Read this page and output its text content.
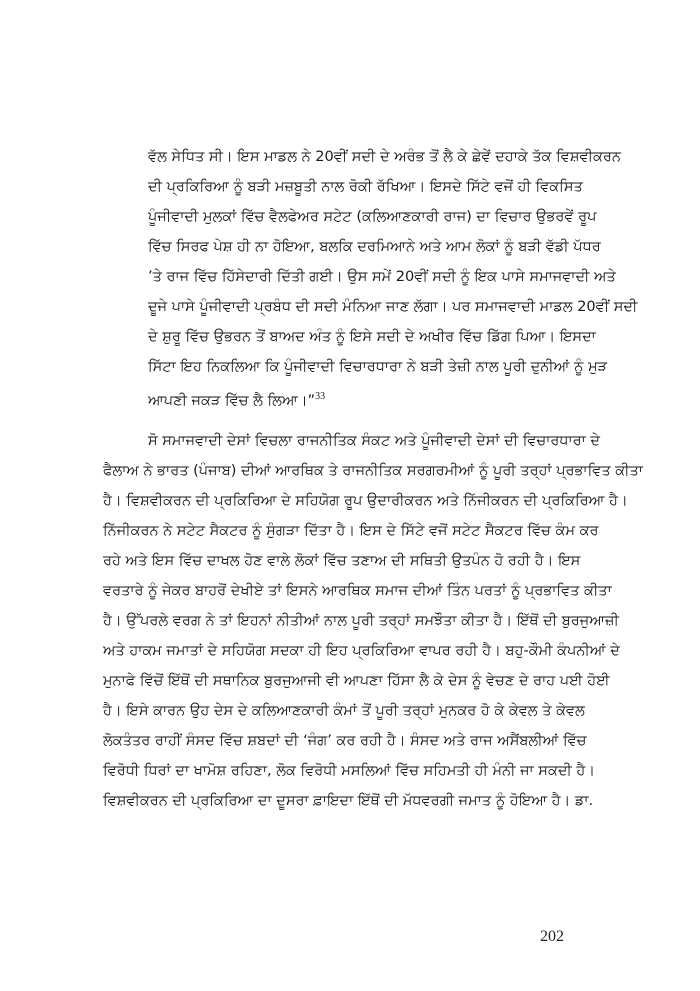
ਵੱਲ ਸੇਧਿਤ ਸੀ। ਇਸ ਮਾਡਲ ਨੇ 20ਵੀਂ ਸਦੀ ਦੇ ਅਰੰਭ ਤੋਂ ਲੈ ਕੇ ਛੇਵੇਂ ਦਹਾਕੇ ਤੱਕ ਵਿਸ਼ਵੀਕਰਨ
ਦੀ ਪ੍ਰਕਿਰਿਆ ਨੂੰ ਬੜੀ ਮਜ਼ਬੂਤੀ ਨਾਲ ਰੋਕੀ ਰੱਖਿਆ। ਇਸਦੇ ਸਿੱਟੇ ਵਜੋਂ ਹੀ ਵਿਕਸਿਤ
ਪੂੰਜੀਵਾਦੀ ਮੁਲਕਾਂ ਵਿੱਚ ਵੈਲਫੇਅਰ ਸਟੇਟ (ਕਲਿਆਣਕਾਰੀ ਰਾਜ) ਦਾ ਵਿਚਾਰ ਉਭਰਵੇਂ ਰੂਪ
ਵਿੱਚ ਸਿਰਫ ਪੇਸ਼ ਹੀ ਨਾ ਹੋਇਆ, ਬਲਕਿ ਦਰਮਿਆਨੇ ਅਤੇ ਆਮ ਲੋਕਾਂ ਨੂੰ ਬੜੀ ਵੱਡੀ ਪੱਧਰ
’ਤੇ ਰਾਜ ਵਿੱਚ ਹਿੱਸੇਦਾਰੀ ਦਿੱਤੀ ਗਈ। ਉਸ ਸਮੇਂ 20ਵੀਂ ਸਦੀ ਨੂੰ ਇਕ ਪਾਸੇ ਸਮਾਜਵਾਦੀ ਅਤੇ
ਦੂਜੇ ਪਾਸੇ ਪੂੰਜੀਵਾਦੀ ਪ੍ਰਬੰਧ ਦੀ ਸਦੀ ਮੰਨਿਆ ਜਾਣ ਲੱਗਾ। ਪਰ ਸਮਾਜਵਾਦੀ ਮਾਡਲ 20ਵੀਂ ਸਦੀ
ਦੇ ਸ਼ੁਰੂ ਵਿੱਚ ਉਭਰਨ ਤੋਂ ਬਾਅਦ ਅੰਤ ਨੂੰ ਇਸੇ ਸਦੀ ਦੇ ਅਖੀਰ ਵਿੱਚ ਡਿੱਗ ਪਿਆ। ਇਸਦਾ
ਸਿੱਟਾ ਇਹ ਨਿਕਲਿਆ ਕਿ ਪੂੰਜੀਵਾਦੀ ਵਿਚਾਰਧਾਰਾ ਨੇ ਬੜੀ ਤੇਜ਼ੀ ਨਾਲ ਪੂਰੀ ਦੁਨੀਆਂ ਨੂੰ ਮੁੜ
ਆਪਣੀ ਜਕੜ ਵਿੱਚ ਲੈ ਲਿਆ।”$^{33}$
ਸੋ ਸਮਾਜਵਾਦੀ ਦੇਸਾਂ ਵਿਚਲਾ ਰਾਜਨੀਤਿਕ ਸੰਕਟ ਅਤੇ ਪੂੰਜੀਵਾਦੀ ਦੇਸਾਂ ਦੀ ਵਿਚਾਰਧਾਰਾ ਦੇ
ਫੈਲਾਅ ਨੇ ਭਾਰਤ (ਪੰਜਾਬ) ਦੀਆਂ ਆਰਥਿਕ ਤੇ ਰਾਜਨੀਤਿਕ ਸਰਗਰਮੀਆਂ ਨੂੰ ਪੂਰੀ ਤਰ੍ਹਾਂ ਪ੍ਰਭਾਵਿਤ ਕੀਤਾ
ਹੈ। ਵਿਸ਼ਵੀਕਰਨ ਦੀ ਪ੍ਰਕਿਰਿਆ ਦੇ ਸਹਿਯੋਗ ਰੂਪ ਉਦਾਰੀਕਰਨ ਅਤੇ ਨਿੱਜੀਕਰਨ ਦੀ ਪ੍ਰਕਿਰਿਆ ਹੈ।
ਨਿੱਜੀਕਰਨ ਨੇ ਸਟੇਟ ਸੈਕਟਰ ਨੂੰ ਸੁੰਗੜਾ ਦਿੱਤਾ ਹੈ। ਇਸ ਦੇ ਸਿੱਟੇ ਵਜੋਂ ਸਟੇਟ ਸੈਕਟਰ ਵਿੱਚ ਕੰਮ ਕਰ
ਰਹੇ ਅਤੇ ਇਸ ਵਿੱਚ ਦਾਖਲ ਹੋਣ ਵਾਲੇ ਲੋਕਾਂ ਵਿੱਚ ਤਣਾਅ ਦੀ ਸਥਿਤੀ ਉਤਪੰਨ ਹੋ ਰਹੀ ਹੈ। ਇਸ
ਵਰਤਾਰੇ ਨੂੰ ਜੇਕਰ ਬਾਹਰੋਂ ਦੇਖੀਏ ਤਾਂ ਇਸਨੇ ਆਰਥਿਕ ਸਮਾਜ ਦੀਆਂ ਤਿੰਨ ਪਰਤਾਂ ਨੂੰ ਪ੍ਰਭਾਵਿਤ ਕੀਤਾ
ਹੈ। ਉੱਪਰਲੇ ਵਰਗ ਨੇ ਤਾਂ ਇਹਨਾਂ ਨੀਤੀਆਂ ਨਾਲ ਪੂਰੀ ਤਰ੍ਹਾਂ ਸਮਝੌਤਾ ਕੀਤਾ ਹੈ। ਇੱਥੋਂ ਦੀ ਬੁਰਜੁਆਜ਼ੀ
ਅਤੇ ਹਾਕਮ ਜਮਾਤਾਂ ਦੇ ਸਹਿਯੋਗ ਸਦਕਾ ਹੀ ਇਹ ਪ੍ਰਕਿਰਿਆ ਵਾਪਰ ਰਹੀ ਹੈ। ਬਹੁ-ਕੌਮੀ ਕੰਪਨੀਆਂ ਦੇ
ਮੁਨਾਫੇ ਵਿੱਚੋਂ ਇੱਥੋਂ ਦੀ ਸਥਾਨਿਕ ਬੁਰਜੁਆਜੀ ਵੀ ਆਪਣਾ ਹਿੱਸਾ ਲੈ ਕੇ ਦੇਸ ਨੂੰ ਵੇਚਣ ਦੇ ਰਾਹ ਪਈ ਹੋਈ
ਹੈ। ਇਸੇ ਕਾਰਨ ਉਹ ਦੇਸ ਦੇ ਕਲਿਆਣਕਾਰੀ ਕੰਮਾਂ ਤੋਂ ਪੂਰੀ ਤਰ੍ਹਾਂ ਮੁਨਕਰ ਹੋ ਕੇ ਕੇਵਲ ਤੇ ਕੇਵਲ
ਲੋਕਤੰਤਰ ਰਾਹੀਂ ਸੰਸਦ ਵਿੱਚ ਸ਼ਬਦਾਂ ਦੀ ‘ਜੰਗ’ ਕਰ ਰਹੀ ਹੈ। ਸੰਸਦ ਅਤੇ ਰਾਜ ਅਸੈਂਬਲੀਆਂ ਵਿੱਚ
ਵਿਰੋਧੀ ਧਿਰਾਂ ਦਾ ਖਾਮੋਸ਼ ਰਹਿਣਾ, ਲੋਕ ਵਿਰੋਧੀ ਮਸਲਿਆਂ ਵਿੱਚ ਸਹਿਮਤੀ ਹੀ ਮੰਨੀ ਜਾ ਸਕਦੀ ਹੈ।
ਵਿਸ਼ਵੀਕਰਨ ਦੀ ਪ੍ਰਕਿਰਿਆ ਦਾ ਦੂਸਰਾ ਫ਼ਾਇਦਾ ਇੱਥੋਂ ਦੀ ਮੱਧਵਰਗੀ ਜਮਾਤ ਨੂੰ ਹੋਇਆ ਹੈ। ਡਾ.
202
